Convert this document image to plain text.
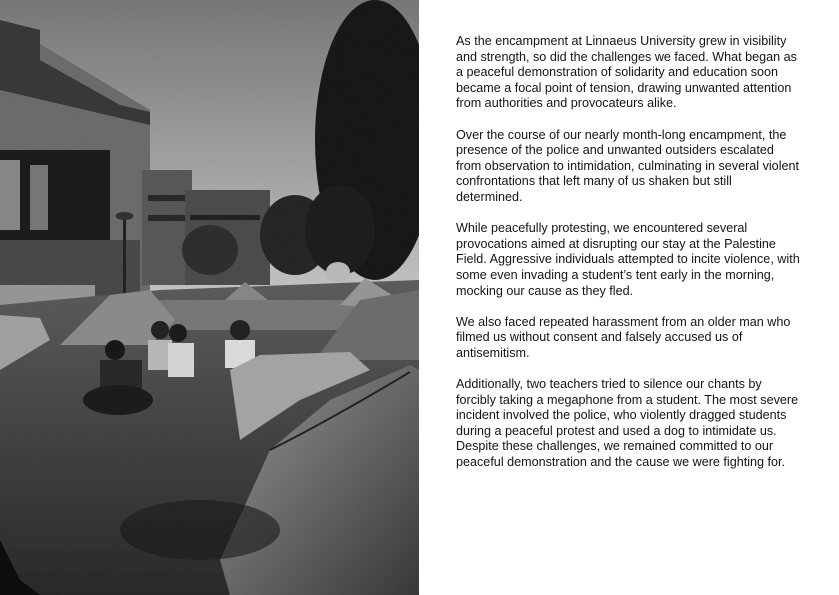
As the encampment at Linnaeus University grew in visibility and strength, so did the challenges we faced. What began as a peaceful demonstration of solidarity and education soon became a focal point of tension, drawing unwanted attention from authorities and provocateurs alike.

Over the course of our nearly month-long encampment, the presence of the police and unwanted outsiders escalated from observation to intimidation, culminating in several violent confrontations that left many of us shaken but still determined.

While peacefully protesting, we encountered several provocations aimed at disrupting our stay at the Palestine Field. Aggressive individuals attempted to incite violence, with some even invading a student’s tent early in the morning, mocking our cause as they fled.

We also faced repeated harassment from an older man who filmed us without consent and falsely accused us of antisemitism.

Additionally, two teachers tried to silence our chants by forcibly taking a megaphone from a student. The most severe incident involved the police, who violently dragged students during a peaceful protest and used a dog to intimidate us. Despite these challenges, we remained committed to our peaceful demonstration and the cause we were fighting for.
